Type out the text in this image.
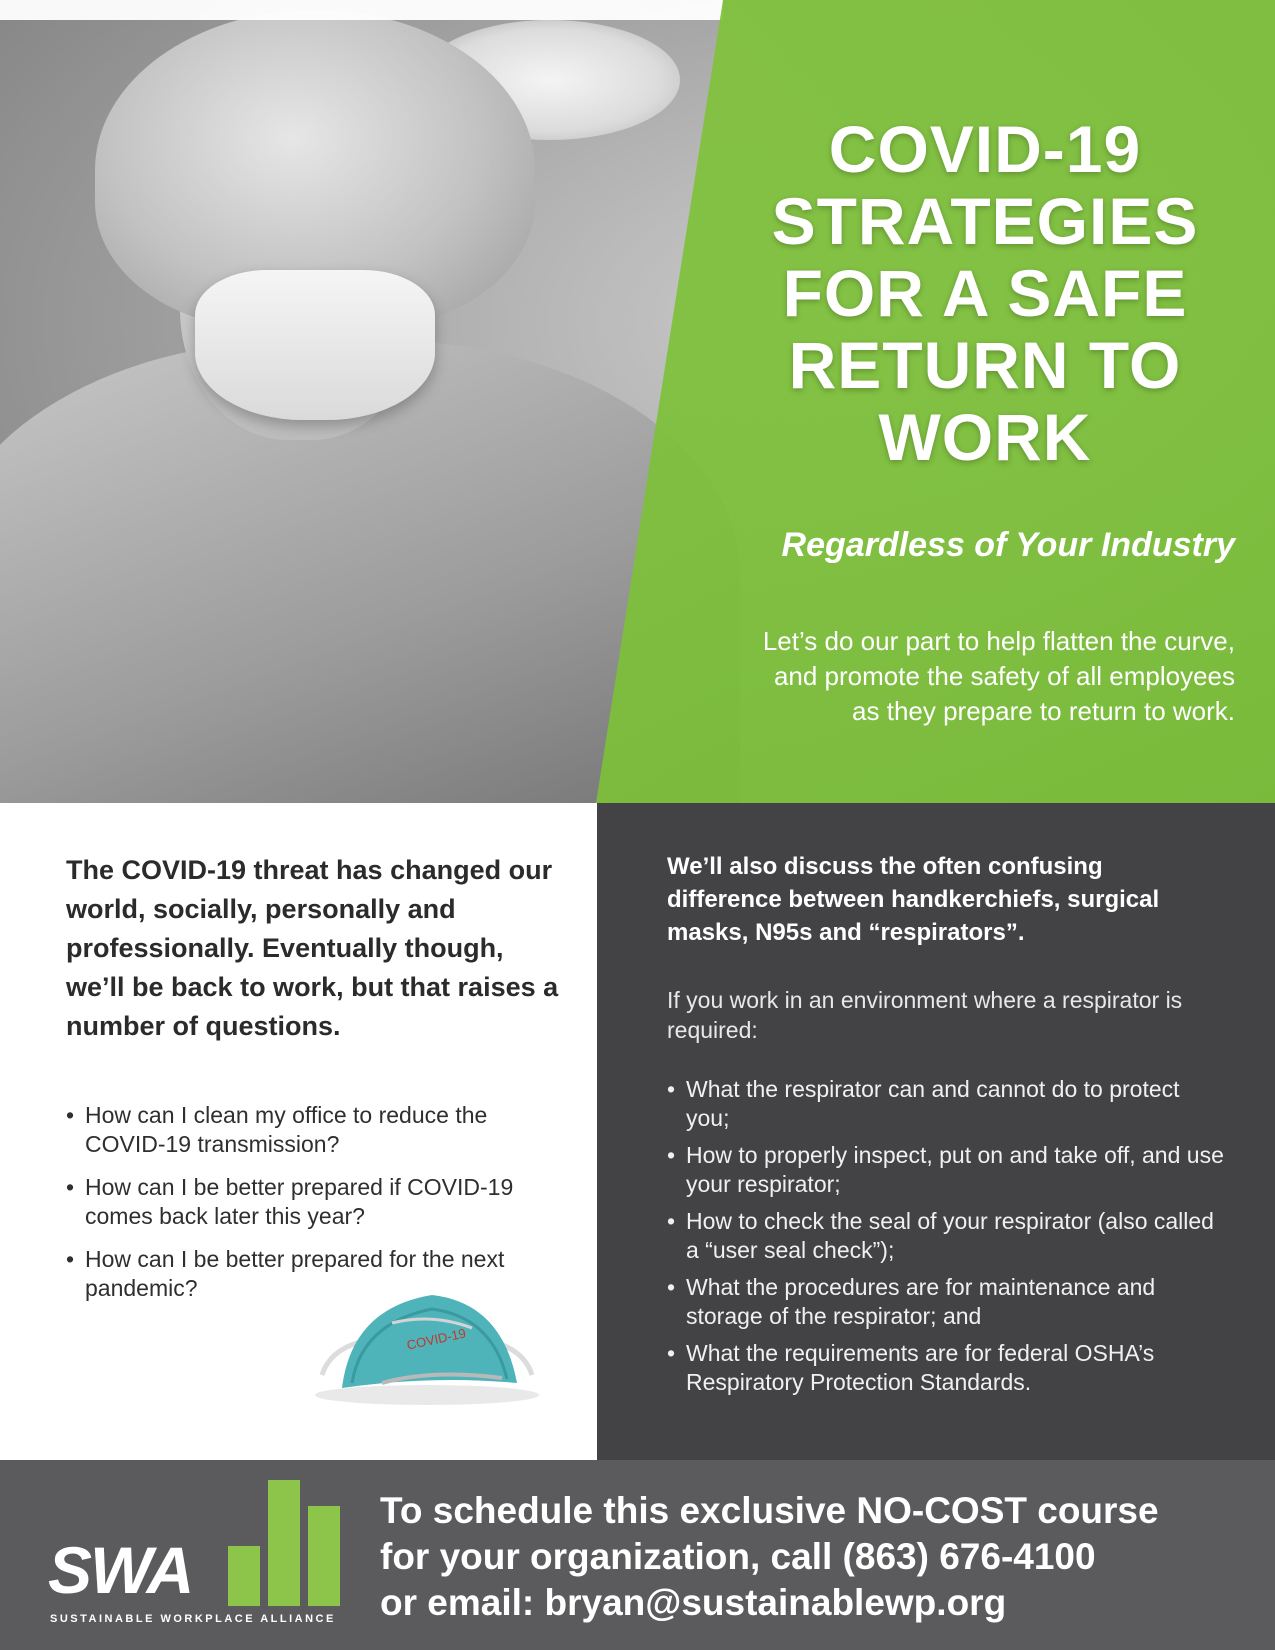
COVID-19
STRATEGIES
FOR A SAFE
RETURN TO
WORK
Regardless of Your Industry
Let’s do our part to help flatten the curve,
and promote the safety of all employees
as they prepare to return to work.

The COVID-19 threat has changed our world, socially, personally and professionally. Eventually though, we’ll be back to work, but that raises a number of questions.

• How can I clean my office to reduce the COVID-19 transmission?
• How can I be better prepared if COVID-19 comes back later this year?
• How can I be better prepared for the next pandemic?
COVID-19

We’ll also discuss the often confusing difference between handkerchiefs, surgical masks, N95s and “respirators”.

If you work in an environment where a respirator is required:

• What the respirator can and cannot do to protect you;
• How to properly inspect, put on and take off, and use your respirator;
• How to check the seal of your respirator (also called a “user seal check”);
• What the procedures are for maintenance and storage of the respirator; and
• What the requirements are for federal OSHA’s Respiratory Protection Standards.
SWA
SUSTAINABLE WORKPLACE ALLIANCE
To schedule this exclusive NO-COST course
for your organization, call (863) 676-4100
or email: bryan@sustainablewp.org
